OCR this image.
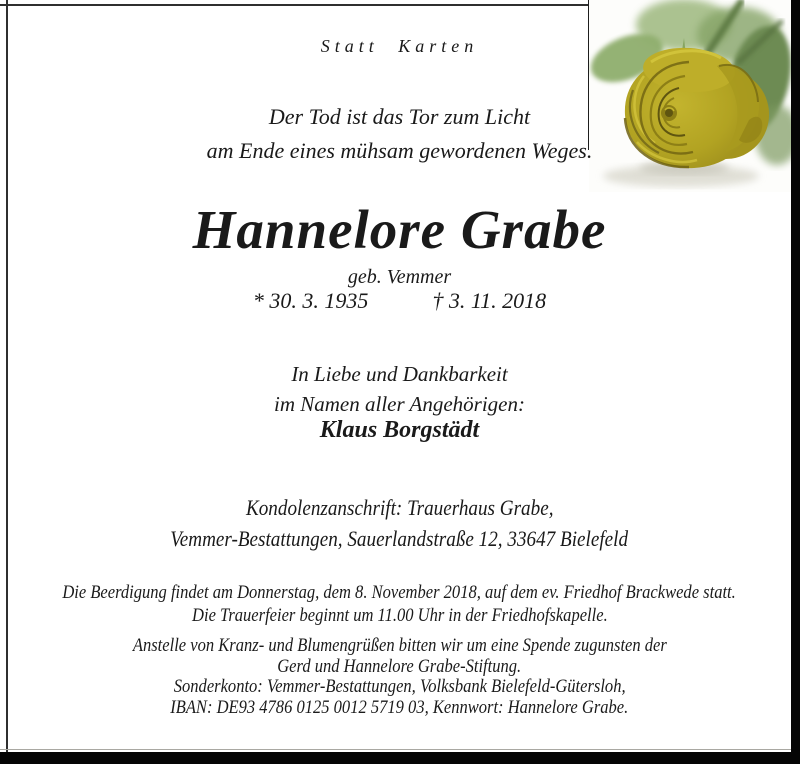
Statt Karten
Der Tod ist das Tor zum Licht
am Ende eines mühsam gewordenen Weges.
Hannelore Grabe
geb. Vemmer
* 30. 3. 1935	† 3. 11. 2018
In Liebe und Dankbarkeit
im Namen aller Angehörigen:
Klaus Borgstädt
Kondolenzanschrift: Trauerhaus Grabe,
Vemmer-Bestattungen, Sauerlandstraße 12, 33647 Bielefeld
Die Beerdigung findet am Donnerstag, dem 8. November 2018, auf dem ev. Friedhof Brackwede statt.
Die Trauerfeier beginnt um 11.00 Uhr in der Friedhofskapelle.
Anstelle von Kranz- und Blumengrüßen bitten wir um eine Spende zugunsten der
Gerd und Hannelore Grabe-Stiftung.
Sonderkonto: Vemmer-Bestattungen, Volksbank Bielefeld-Gütersloh,
IBAN: DE93 4786 0125 0012 5719 03, Kennwort: Hannelore Grabe.
